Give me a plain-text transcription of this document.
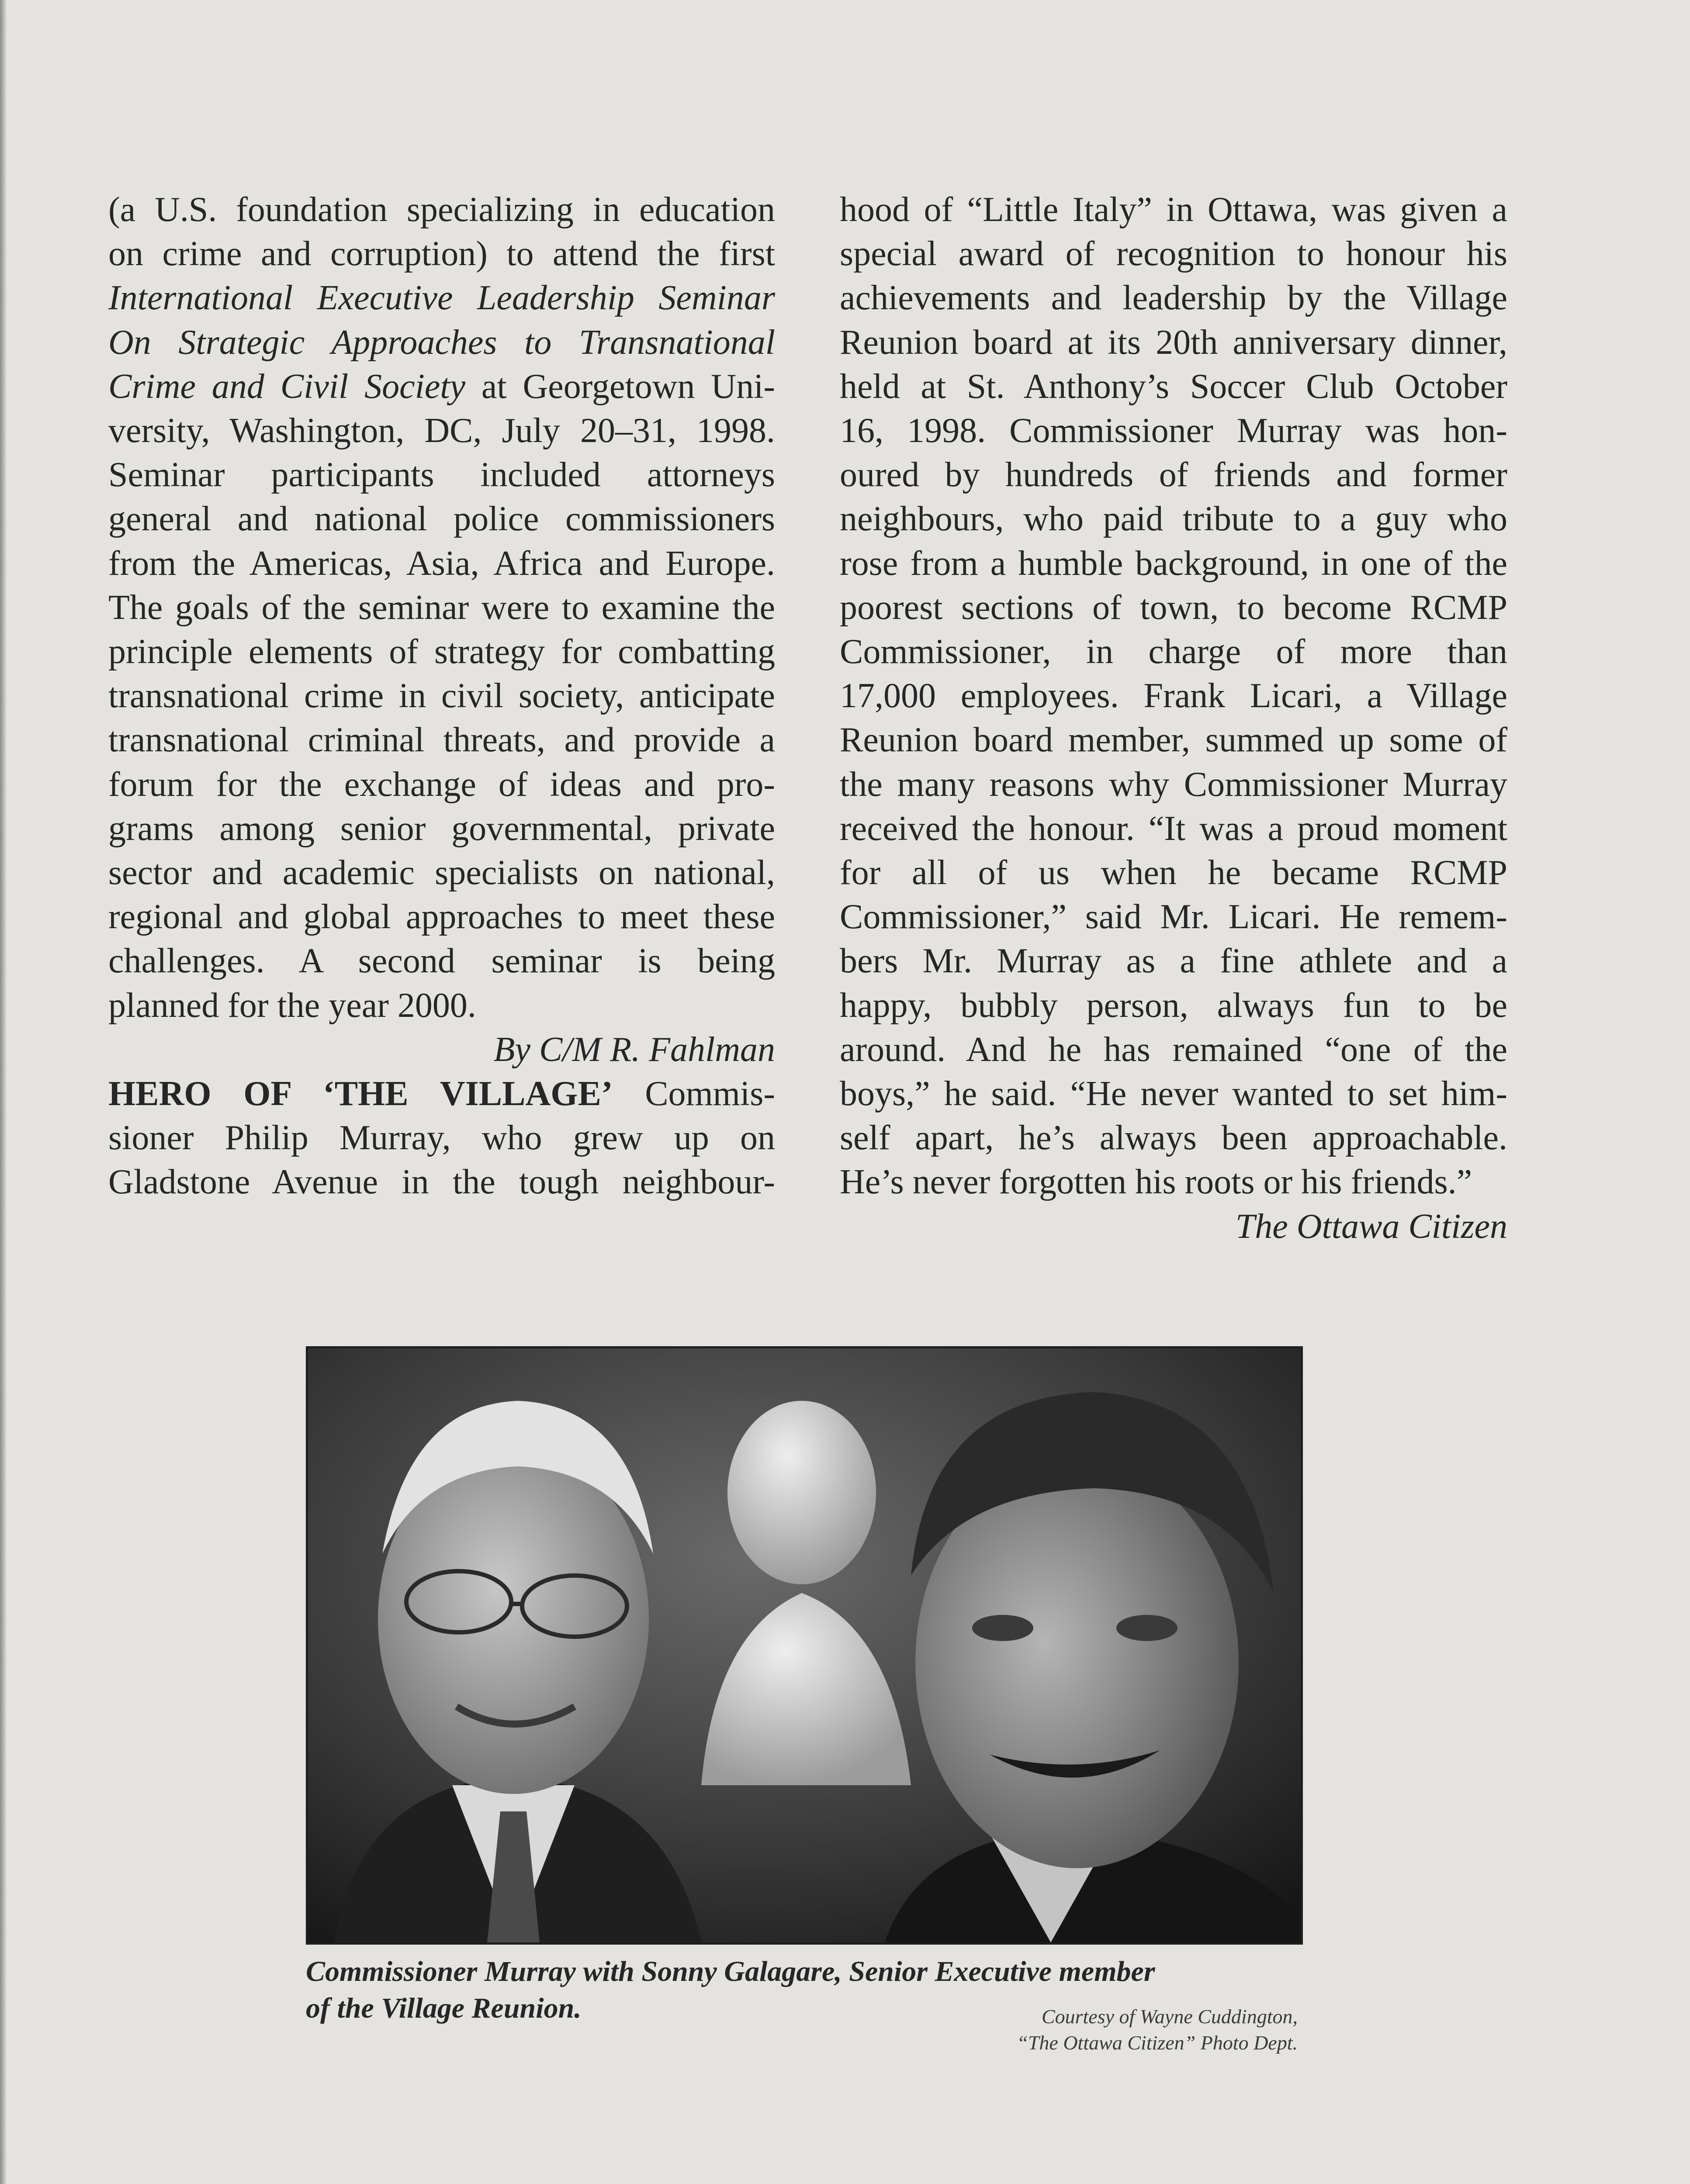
(a U.S. foundation specializing in education

on crime and corruption) to attend the first

International Executive Leadership Seminar

On Strategic Approaches to Transnational

Crime and Civil Society at Georgetown Uni-

versity, Washington, DC, July 20–31, 1998.

Seminar participants included attorneys

general and national police commissioners

from the Americas, Asia, Africa and Europe.

The goals of the seminar were to examine the

principle elements of strategy for combatting

transnational crime in civil society, anticipate

transnational criminal threats, and provide a

forum for the exchange of ideas and pro-

grams among senior governmental, private

sector and academic specialists on national,

regional and global approaches to meet these

challenges. A second seminar is being

planned for the year 2000.

By C/M R. Fahlman

HERO OF ‘THE VILLAGE’ Commis-

sioner Philip Murray, who grew up on

Gladstone Avenue in the tough neighbour-

hood of “Little Italy” in Ottawa, was given a

special award of recognition to honour his

achievements and leadership by the Village

Reunion board at its 20th anniversary dinner,

held at St. Anthony’s Soccer Club October

16, 1998. Commissioner Murray was hon-

oured by hundreds of friends and former

neighbours, who paid tribute to a guy who

rose from a humble background, in one of the

poorest sections of town, to become RCMP

Commissioner, in charge of more than

17,000 employees. Frank Licari, a Village

Reunion board member, summed up some of

the many reasons why Commissioner Murray

received the honour. “It was a proud moment

for all of us when he became RCMP

Commissioner,” said Mr. Licari. He remem-

bers Mr. Murray as a fine athlete and a

happy, bubbly person, always fun to be

around. And he has remained “one of the

boys,” he said. “He never wanted to set him-

self apart, he’s always been approachable.

He’s never forgotten his roots or his friends.”

The Ottawa Citizen

Commissioner Murray with Sonny Galagare, Senior Executive member
of the Village Reunion.	Courtesy of Wayne Cuddington,
“The Ottawa Citizen” Photo Dept.
